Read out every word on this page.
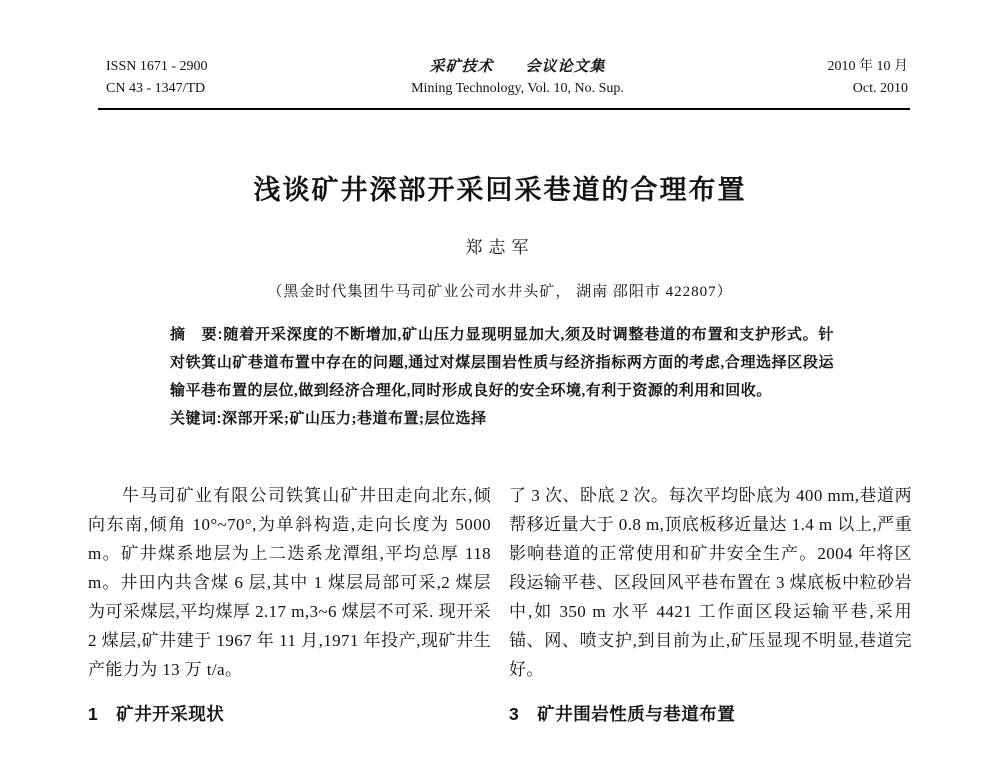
ISSN 1671 - 2900
CN 43 - 1347/TD
采矿技术　　会议论文集
Mining Technology, Vol. 10, No. Sup.
2010 年 10 月
Oct. 2010
浅谈矿井深部开采回采巷道的合理布置
郑志军
（黑金时代集团牛马司矿业公司水井头矿， 湖南 邵阳市 422807）

摘　要:随着开采深度的不断增加,矿山压力显现明显加大,须及时调整巷道的布置和支护形式。针对铁箕山矿巷道布置中存在的问题,通过对煤层围岩性质与经济指标两方面的考虑,合理选择区段运输平巷布置的层位,做到经济合理化,同时形成良好的安全环境,有利于资源的利用和回收。

关键词:深部开采;矿山压力;巷道布置;层位选择

牛马司矿业有限公司铁箕山矿井田走向北东,倾向东南,倾角 10°~70°,为单斜构造,走向长度为 5000 m。矿井煤系地层为上二迭系龙潭组,平均总厚 118 m。井田内共含煤 6 层,其中 1 煤层局部可采,2 煤层为可采煤层,平均煤厚 2.17 m,3~6 煤层不可采. 现开采 2 煤层,矿井建于 1967 年 11 月,1971 年投产,现矿井生产能力为 13 万 t/a。

1　矿井开采现状

了 3 次、卧底 2 次。每次平均卧底为 400 mm,巷道两帮移近量大于 0.8 m,顶底板移近量达 1.4 m 以上,严重影响巷道的正常使用和矿井安全生产。2004 年将区段运输平巷、区段回风平巷布置在 3 煤底板中粒砂岩中,如 350 m 水平 4421 工作面区段运输平巷,采用锚、网、喷支护,到目前为止,矿压显现不明显,巷道完好。

3　矿井围岩性质与巷道布置
